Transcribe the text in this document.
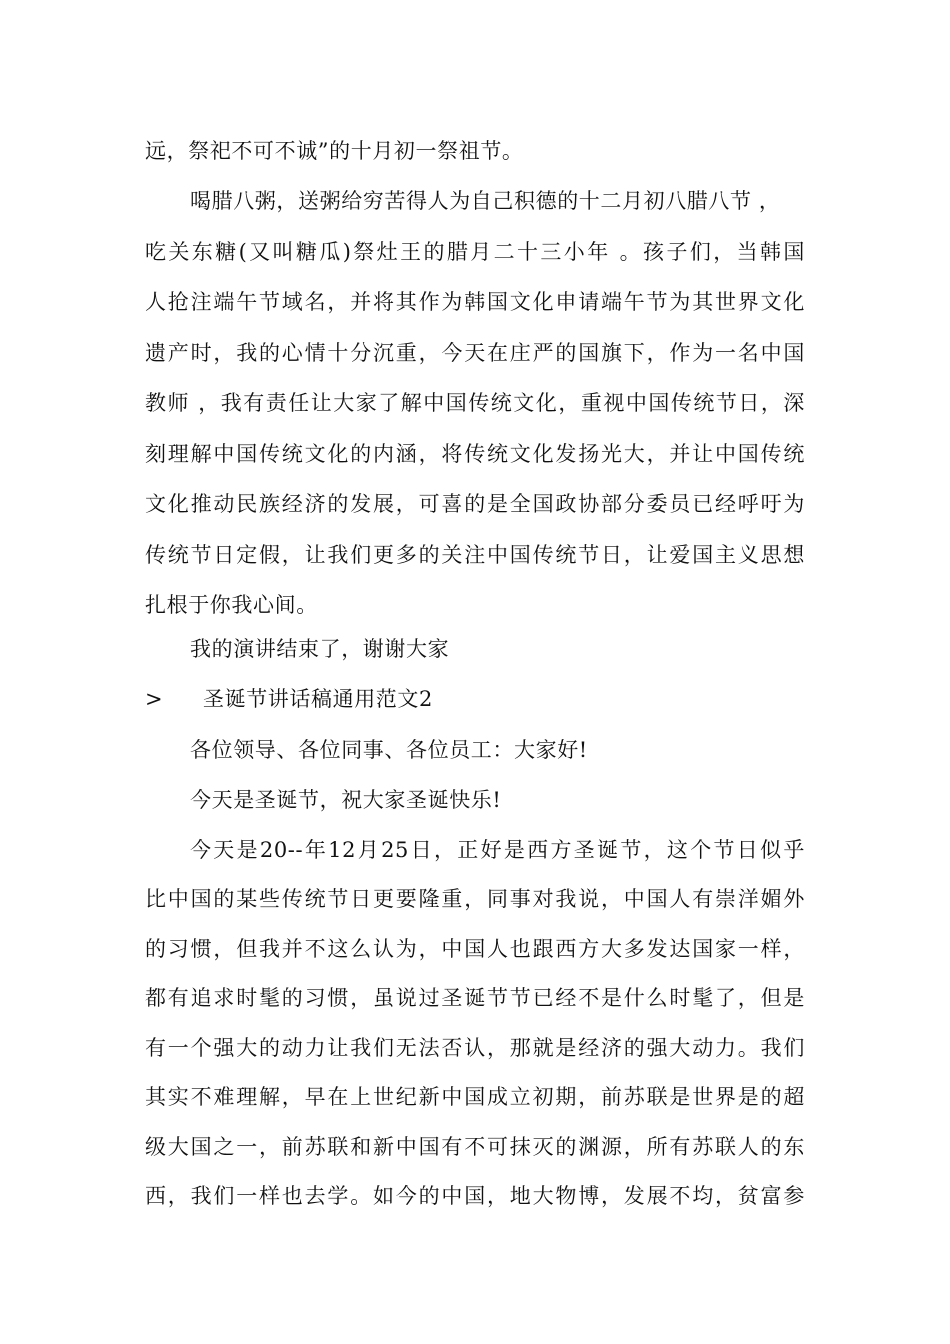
远，祭祀不可不诚”的十月初一祭祖节。
喝腊八粥，送粥给穷苦得人为自己积德的十二月初八腊八节 ，
吃关东糖(又叫糖瓜)祭灶王的腊月二十三小年 。孩子们，当韩国
人抢注端午节域名，并将其作为韩国文化申请端午节为其世界文化
遗产时，我的心情十分沉重，今天在庄严的国旗下，作为一名中国
教师 ，我有责任让大家了解中国传统文化，重视中国传统节日，深
刻理解中国传统文化的内涵，将传统文化发扬光大，并让中国传统
文化推动民族经济的发展，可喜的是全国政协部分委员已经呼吁为
传统节日定假，让我们更多的关注中国传统节日，让爱国主义思想
扎根于你我心间。
我的演讲结束了，谢谢大家
> 圣诞节讲话稿通用范文2
各位领导、各位同事、各位员工：大家好!
今天是圣诞节，祝大家圣诞快乐!
今天是20--年12月25日，正好是西方圣诞节，这个节日似乎
比中国的某些传统节日更要隆重，同事对我说，中国人有崇洋媚外
的习惯，但我并不这么认为，中国人也跟西方大多发达国家一样，
都有追求时髦的习惯，虽说过圣诞节节已经不是什么时髦了，但是
有一个强大的动力让我们无法否认，那就是经济的强大动力。我们
其实不难理解，早在上世纪新中国成立初期，前苏联是世界是的超
级大国之一，前苏联和新中国有不可抹灭的渊源，所有苏联人的东
西，我们一样也去学。如今的中国，地大物博，发展不均，贫富参
